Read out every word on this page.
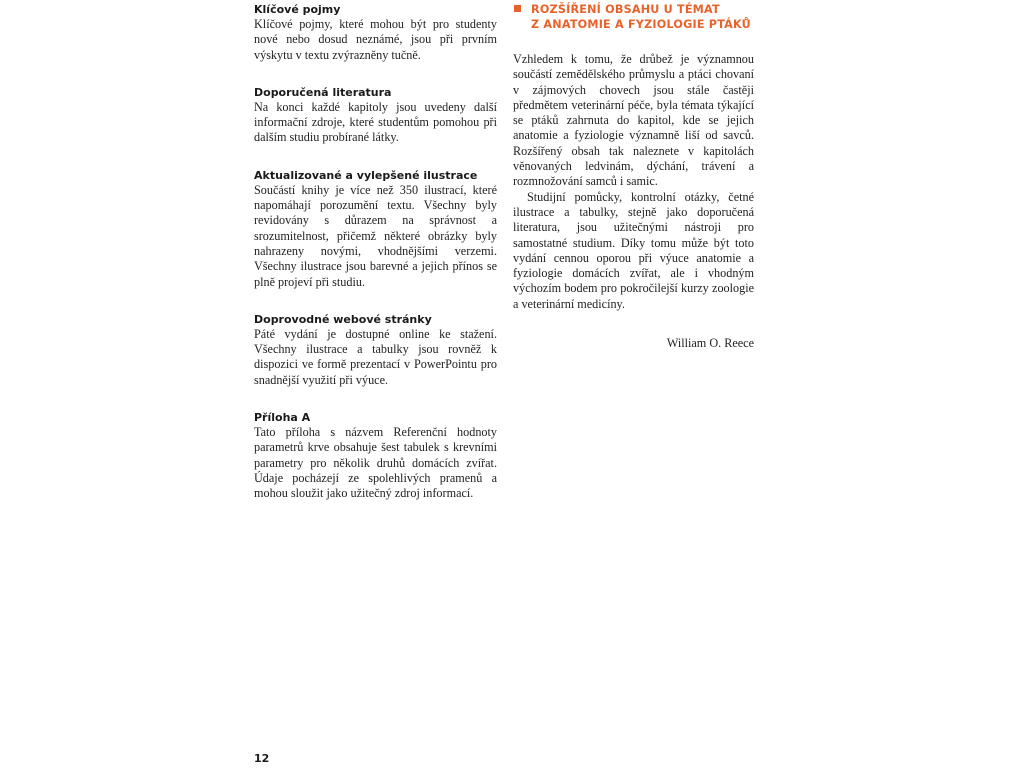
Klíčové pojmy

Klíčové pojmy, které mohou být pro studenty nové nebo dosud neznámé, jsou při prvním výskytu v textu zvýrazněny tučně.

Doporučená literatura

Na konci každé kapitoly jsou uvedeny další informační zdroje, které studentům pomohou při dalším studiu probírané látky.

Aktualizované a vylepšené ilustrace

Součástí knihy je více než 350 ilustrací, které napomáhají porozumění textu. Všechny byly revidovány s důrazem na správnost a srozumitelnost, přičemž některé obrázky byly nahrazeny novými, vhodnějšími verzemi. Všechny ilustrace jsou barevné a jejich přínos se plně projeví při studiu.

Doprovodné webové stránky

Páté vydání je dostupné online ke stažení. Všechny ilustrace a tabulky jsou rovněž k dispozici ve formě prezentací v PowerPointu pro snadnější využití při výuce.

Příloha A

Tato příloha s názvem Referenční hodnoty parametrů krve obsahuje šest tabulek s krevními parametry pro několik druhů domácích zvířat. Údaje pocházejí ze spolehlivých pramenů a mohou sloužit jako užitečný zdroj informací.

ROZŠÍŘENÍ OBSAHU U TÉMAT
Z ANATOMIE A FYZIOLOGIE PTÁKŮ

Vzhledem k tomu, že drůbež je významnou součástí zemědělského průmyslu a ptáci chovaní v zájmových chovech jsou stále častěji předmětem veterinární péče, byla témata týkající se ptáků zahrnuta do kapitol, kde se jejich anatomie a fyziologie významně liší od savců. Rozšířený obsah tak naleznete v kapitolách věnovaných ledvinám, dýchání, trávení a rozmnožování samců i samic.

Studijní pomůcky, kontrolní otázky, četné ilustrace a tabulky, stejně jako doporučená literatura, jsou užitečnými nástroji pro samostatné studium. Díky tomu může být toto vydání cennou oporou při výuce anatomie a fyziologie domácích zvířat, ale i vhodným výchozím bodem pro pokročilejší kurzy zoologie a veterinární medicíny.

William O. Reece
12
